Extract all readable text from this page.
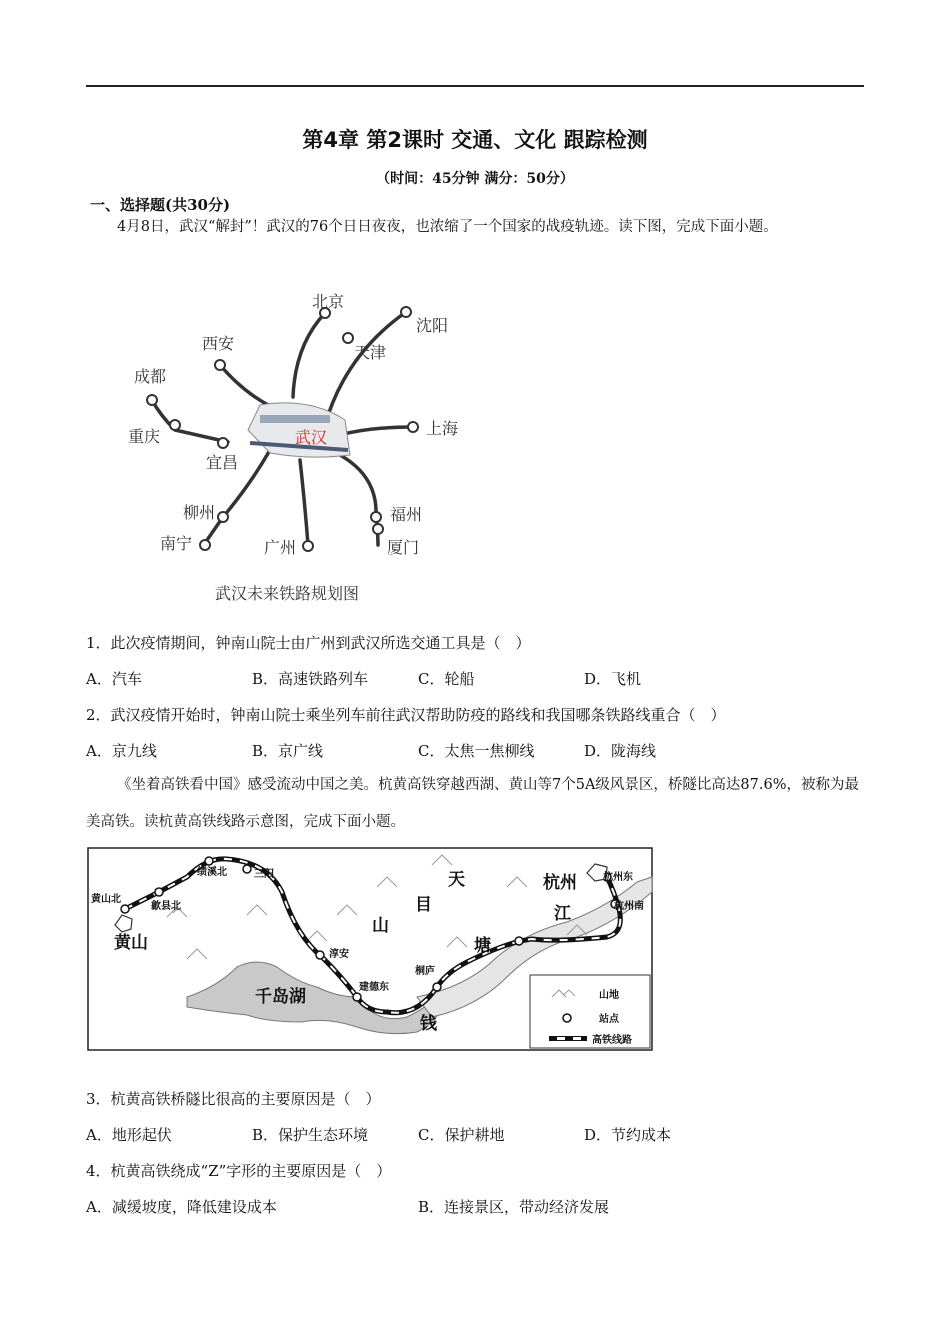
第4章 第2课时 交通、文化 跟踪检测
（时间：45分钟 满分：50分）
一、选择题(共30分)
4月8日，武汉“解封”！武汉的76个日日夜夜，也浓缩了一个国家的战疫轨迹。读下图，完成下面小题。
武汉
北京
沈阳
天津
西安
成都
重庆
宜昌
上海
柳州
南宁	广州
福州
厦门
武汉未来铁路规划图
1．此次疫情期间，钟南山院士由广州到武汉所选交通工具是（　）
A．汽车	B．高速铁路列车	C．轮船	D．飞机
2．武汉疫情开始时，钟南山院士乘坐列车前往武汉帮助防疫的路线和我国哪条铁路线重合（　）
A．京九线	B．京广线	C．太焦一焦柳线	D．陇海线
《坐着高铁看中国》感受流动中国之美。杭黄高铁穿越西湖、黄山等7个5A级风景区，桥隧比高达87.6%，被称为最美高铁。读杭黄高铁线路示意图，完成下面小题。
黄山北
歙县北
绩溪北	三阳
淳安
建德东
桐庐
杭州东
杭州南
黄山
千岛湖
天
目
山
杭州
江
塘
钱
山地
站点
高铁线路
3．杭黄高铁桥隧比很高的主要原因是（　）
A．地形起伏	B．保护生态环境	C．保护耕地	D．节约成本
4．杭黄高铁绕成“Z”字形的主要原因是（　）
A．减缓坡度，降低建设成本	B．连接景区，带动经济发展
